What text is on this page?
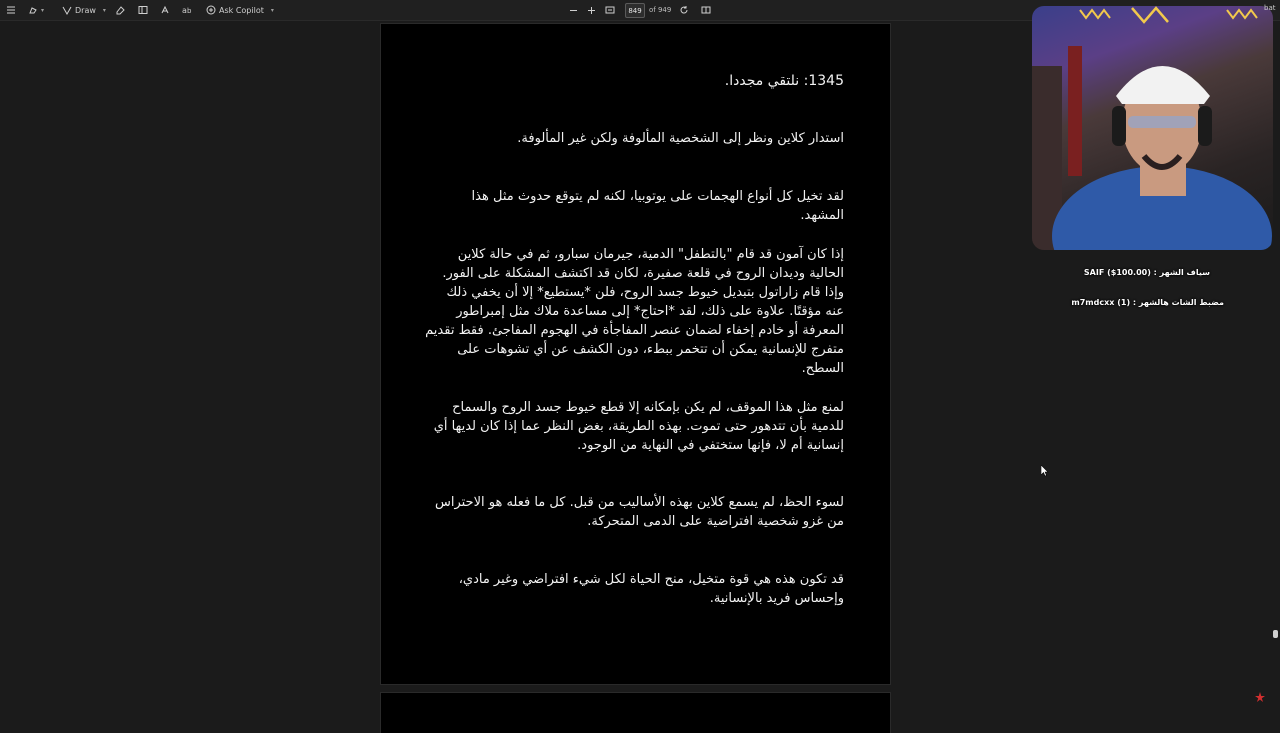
▾	Draw ▾	a b	Ask Copilot ▾	849	of 949
1345: نلتقي مجددا.
استدار كلاين ونظر إلى الشخصية المألوفة ولكن غير المألوفة.
لقد تخيل كل أنواع الهجمات على يوتوبيا، لكنه لم يتوقع حدوث مثل هذا المشهد.
إذا كان آمون قد قام "بالتطفل" الدمية، جيرمان سبارو، ثم في حالة كلاين الحالية وديدان الروح في قلعة صفيرة، لكان قد اكتشف المشكلة على الفور. وإذا قام زاراتول بتبديل خيوط جسد الروح، فلن *يستطيع* إلا أن يخفي ذلك عنه مؤقتًا. علاوة على ذلك، لقد *احتاج* إلى مساعدة ملاك مثل إمبراطور المعرفة أو خادم إخفاء لضمان عنصر المفاجأة في الهجوم المفاجئ. فقط تقديم متفرج للإنسانية يمكن أن تتخمر ببطء، دون الكشف عن أي تشوهات على السطح.
لمنع مثل هذا الموقف، لم يكن بإمكانه إلا قطع خيوط جسد الروح والسماح للدمية بأن تتدهور حتى تموت. بهذه الطريقة، بغض النظر عما إذا كان لديها أي إنسانية أم لا، فإنها ستختفي في النهاية من الوجود.
لسوء الحظ، لم يسمع كلاين بهذه الأساليب من قبل. كل ما فعله هو الاحتراس من غزو شخصية افتراضية على الدمى المتحركة.
قد تكون هذه هي قوة متخيل، منح الحياة لكل شيء افتراضي وغير مادي، وإحساس فريد بالإنسانية.
سياف الشهر : SAIF ($100.00)
مضبط الشات هالشهر : m7mdcxx (1)
bat
